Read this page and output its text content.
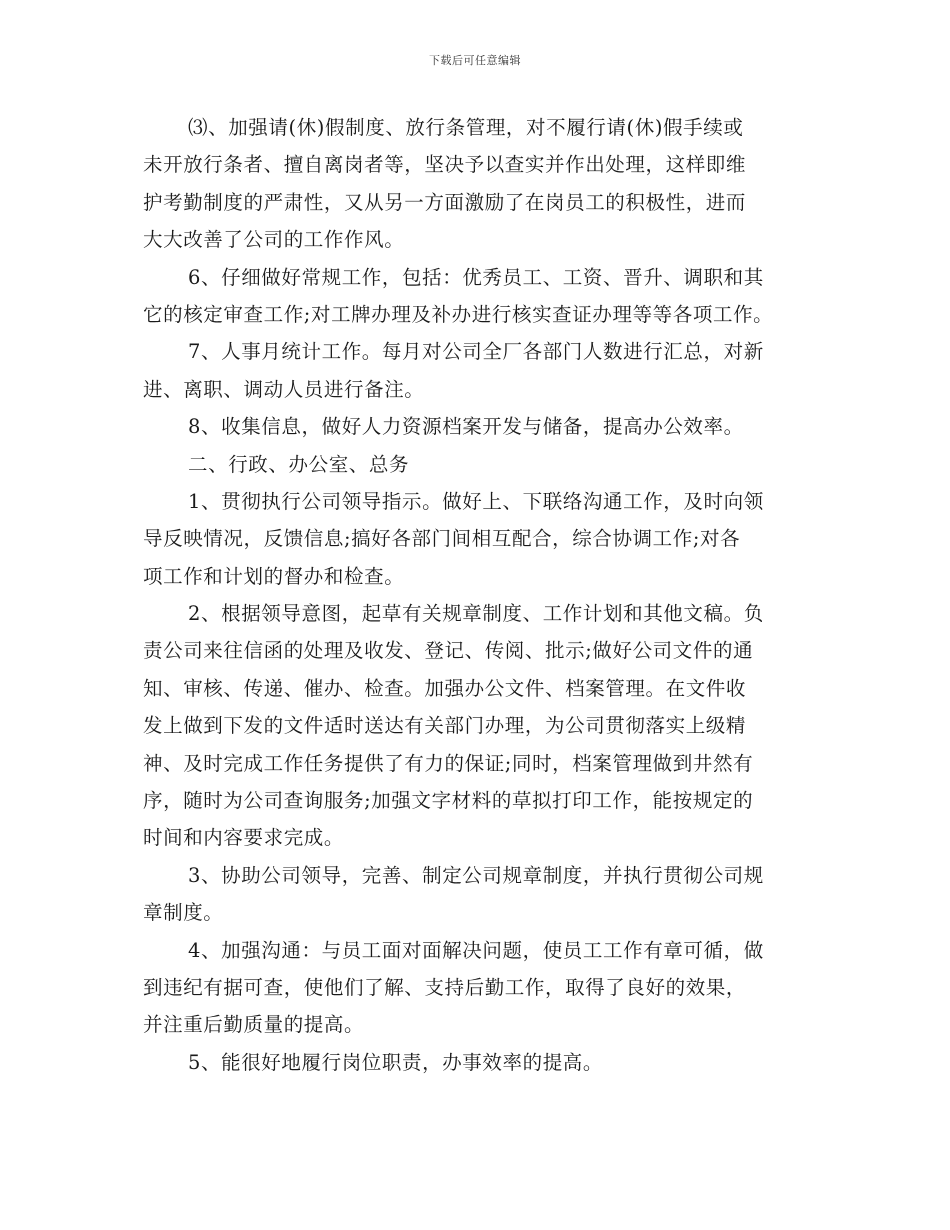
下载后可任意编辑
⑶、加强请(休)假制度、放行条管理，对不履行请(休)假手续或
未开放行条者、擅自离岗者等，坚决予以查实并作出处理，这样即维
护考勤制度的严肃性，又从另一方面激励了在岗员工的积极性，进而
大大改善了公司的工作作风。
6、仔细做好常规工作，包括：优秀员工、工资、晋升、调职和其
它的核定审查工作;对工牌办理及补办进行核实查证办理等等各项工作。
7、人事月统计工作。每月对公司全厂各部门人数进行汇总，对新
进、离职、调动人员进行备注。
8、收集信息，做好人力资源档案开发与储备，提高办公效率。
二、行政、办公室、总务
1、贯彻执行公司领导指示。做好上、下联络沟通工作，及时向领
导反映情况，反馈信息;搞好各部门间相互配合，综合协调工作;对各
项工作和计划的督办和检查。
2、根据领导意图，起草有关规章制度、工作计划和其他文稿。负
责公司来往信函的处理及收发、登记、传阅、批示;做好公司文件的通
知、审核、传递、催办、检查。加强办公文件、档案管理。在文件收
发上做到下发的文件适时送达有关部门办理，为公司贯彻落实上级精
神、及时完成工作任务提供了有力的保证;同时，档案管理做到井然有
序，随时为公司查询服务;加强文字材料的草拟打印工作，能按规定的
时间和内容要求完成。
3、协助公司领导，完善、制定公司规章制度，并执行贯彻公司规
章制度。
4、加强沟通：与员工面对面解决问题，使员工工作有章可循，做
到违纪有据可查，使他们了解、支持后勤工作，取得了良好的效果，
并注重后勤质量的提高。
5、能很好地履行岗位职责，办事效率的提高。
